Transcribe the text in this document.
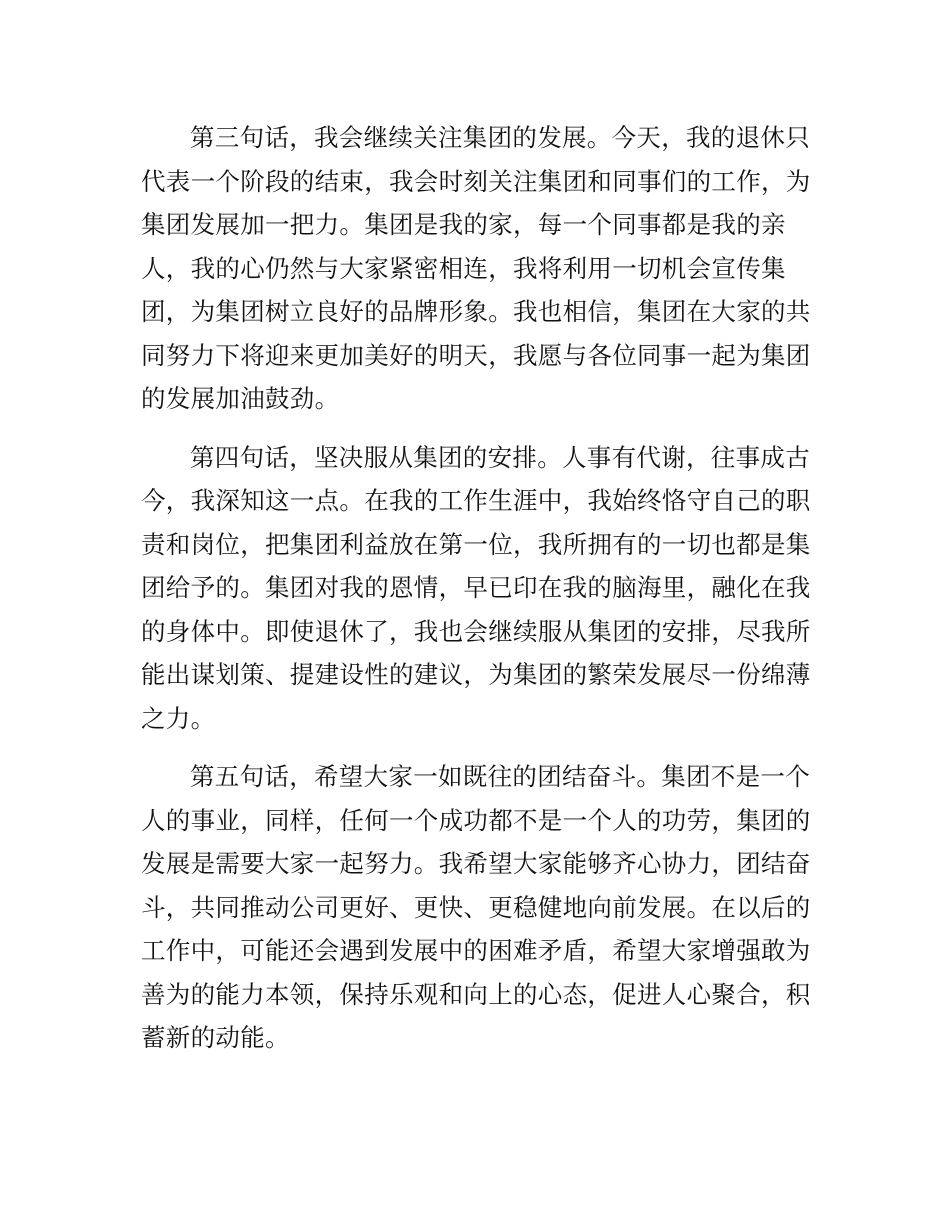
第三句话，我会继续关注集团的发展。今天，我的退休只代表一个阶段的结束，我会时刻关注集团和同事们的工作，为集团发展加一把力。集团是我的家，每一个同事都是我的亲人，我的心仍然与大家紧密相连，我将利用一切机会宣传集团，为集团树立良好的品牌形象。我也相信，集团在大家的共同努力下将迎来更加美好的明天，我愿与各位同事一起为集团的发展加油鼓劲。

第四句话，坚决服从集团的安排。人事有代谢，往事成古今，我深知这一点。在我的工作生涯中，我始终恪守自己的职责和岗位，把集团利益放在第一位，我所拥有的一切也都是集团给予的。集团对我的恩情，早已印在我的脑海里，融化在我的身体中。即使退休了，我也会继续服从集团的安排，尽我所能出谋划策、提建设性的建议，为集团的繁荣发展尽一份绵薄之力。

第五句话，希望大家一如既往的团结奋斗。集团不是一个人的事业，同样，任何一个成功都不是一个人的功劳，集团的发展是需要大家一起努力。我希望大家能够齐心协力，团结奋斗，共同推动公司更好、更快、更稳健地向前发展。在以后的工作中，可能还会遇到发展中的困难矛盾，希望大家增强敢为善为的能力本领，保持乐观和向上的心态，促进人心聚合，积蓄新的动能。
